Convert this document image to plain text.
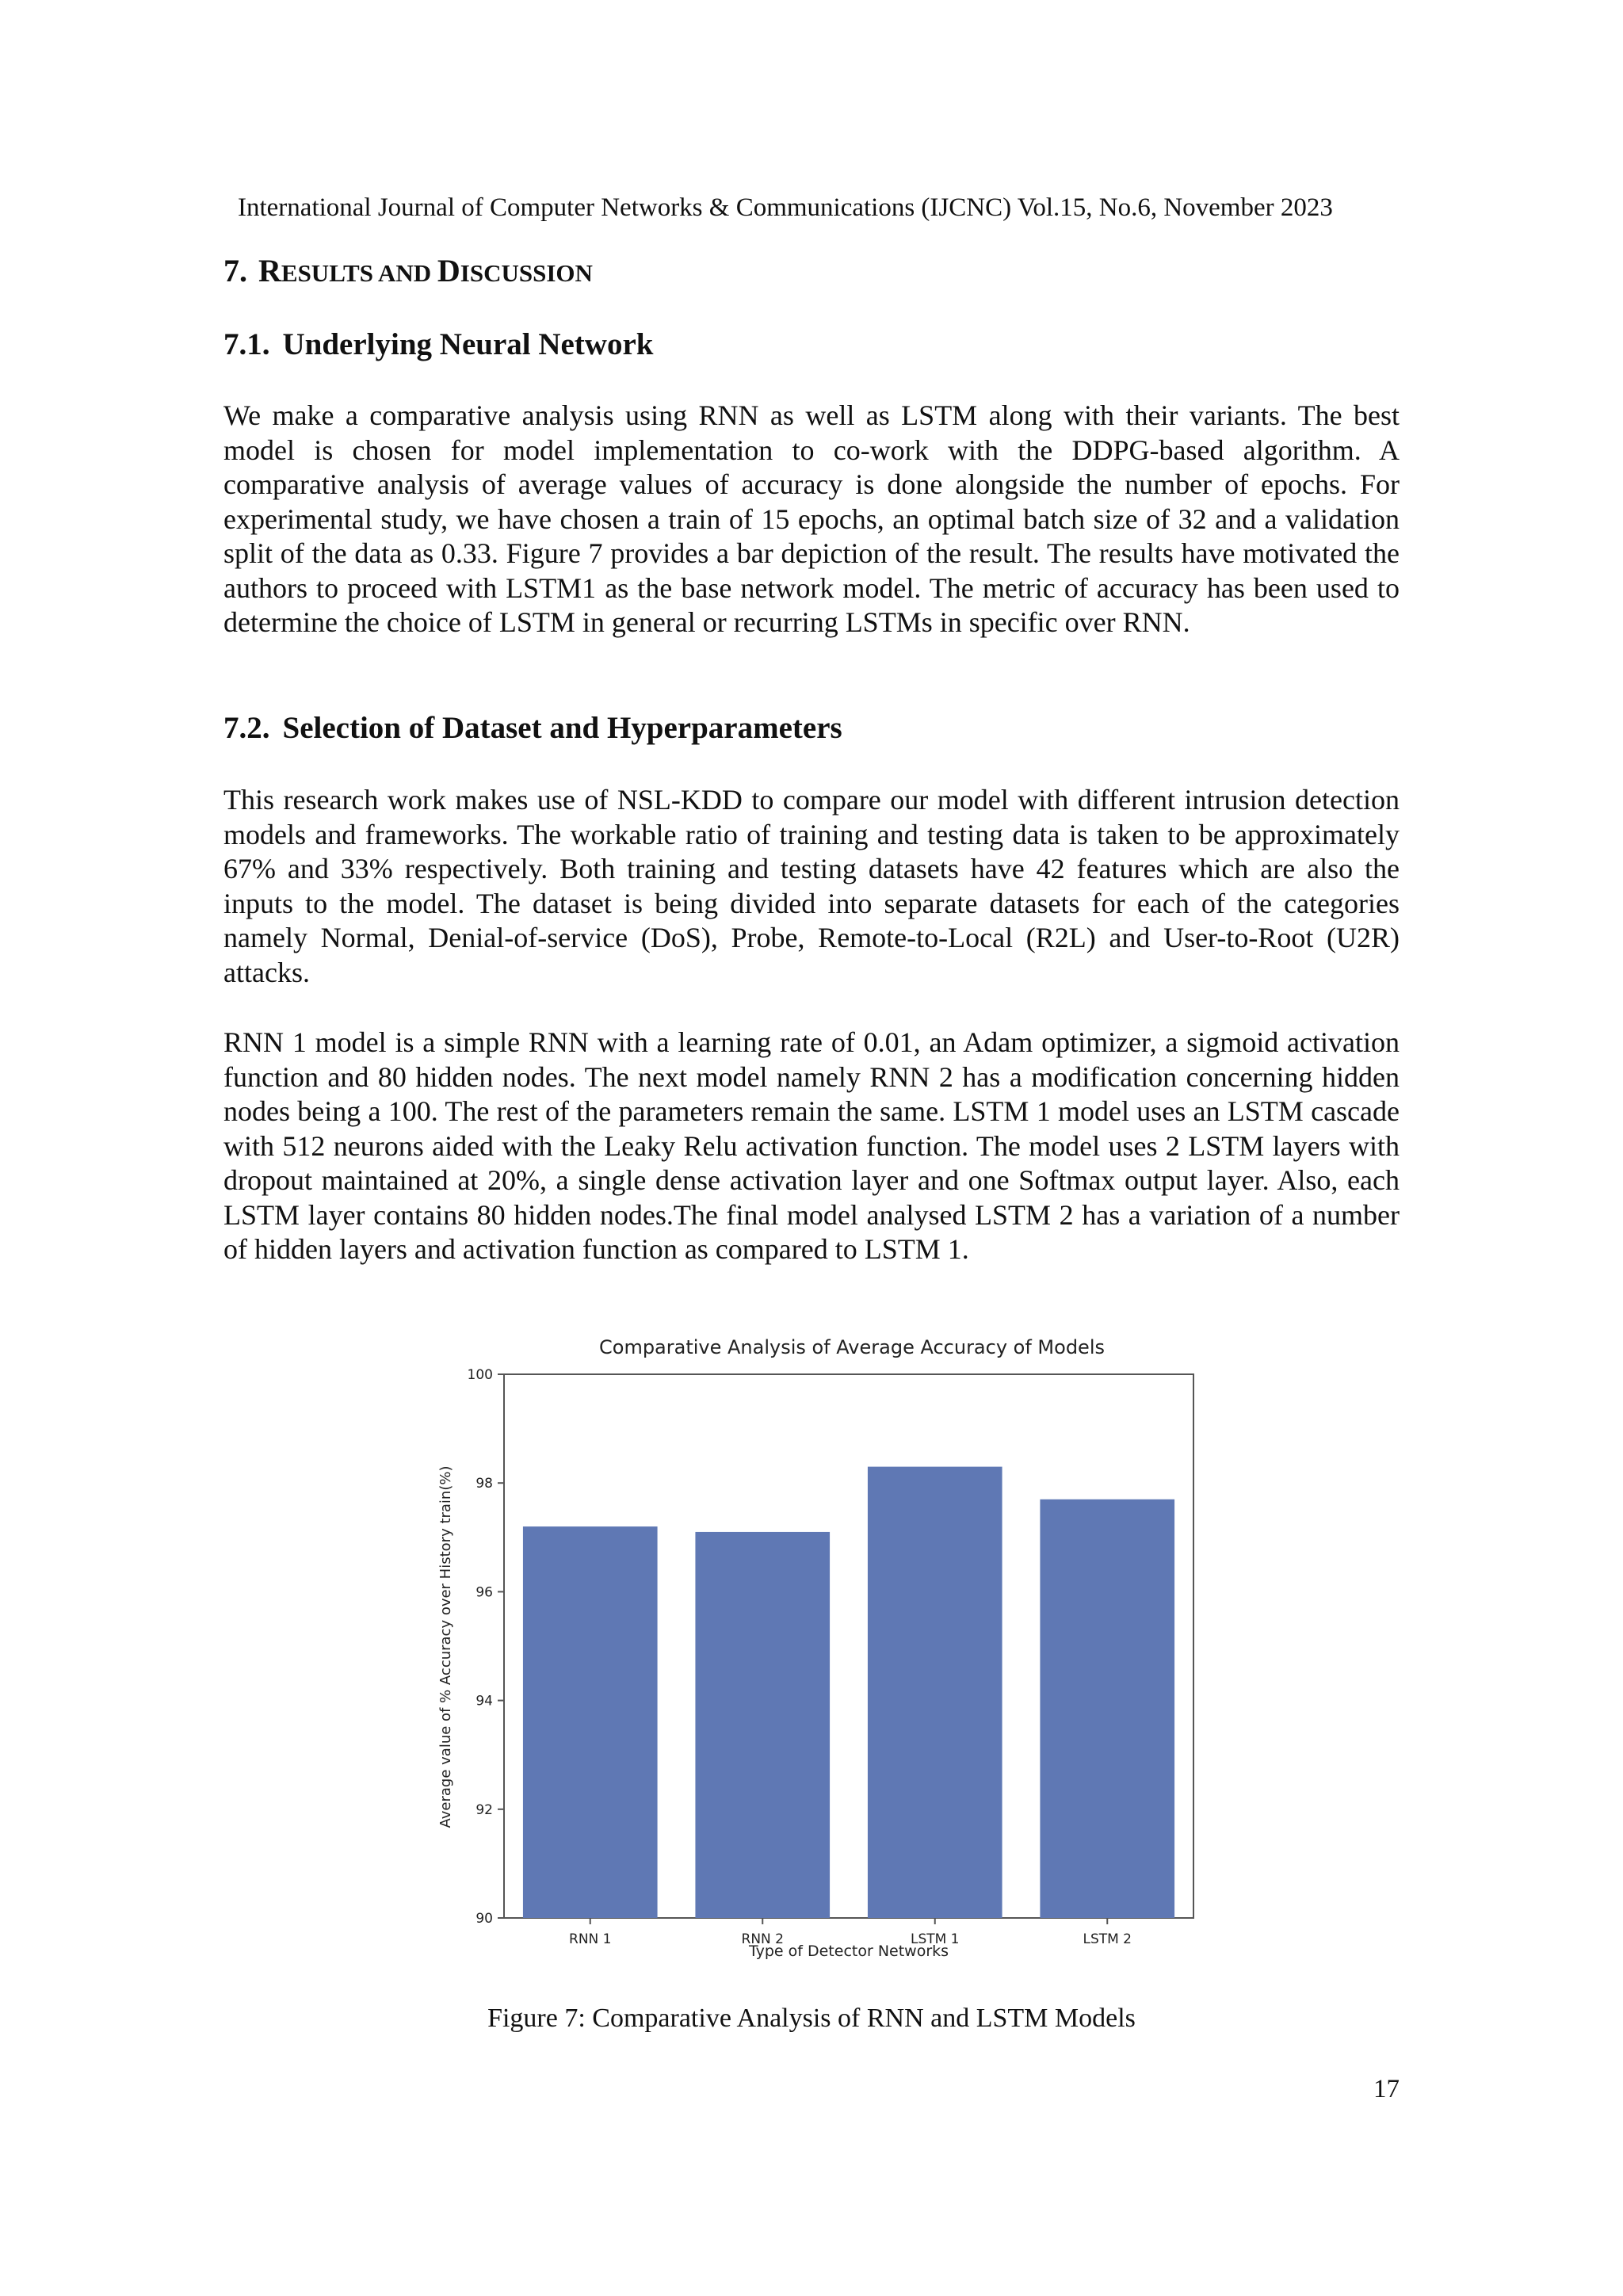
International Journal of Computer Networks & Communications (IJCNC) Vol.15, No.6, November 2023
7. RESULTS AND DISCUSSION
7.1. Underlying Neural Network

We make a comparative analysis using RNN as well as LSTM along with their variants. The best model is chosen for model implementation to co-work with the DDPG-based algorithm. A comparative analysis of average values of accuracy is done alongside the number of epochs. For experimental study, we have chosen a train of 15 epochs, an optimal batch size of 32 and a validation split of the data as 0.33. Figure 7 provides a bar depiction of the result. The results have motivated the authors to proceed with LSTM1 as the base network model. The metric of accuracy has been used to determine the choice of LSTM in general or recurring LSTMs in specific over RNN.

7.2. Selection of Dataset and Hyperparameters

This research work makes use of NSL-KDD to compare our model with different intrusion detection models and frameworks. The workable ratio of training and testing data is taken to be approximately 67% and 33% respectively. Both training and testing datasets have 42 features which are also the inputs to the model. The dataset is being divided into separate datasets for each of the categories namely Normal, Denial-of-service (DoS), Probe, Remote-to-Local (R2L) and User-to-Root (U2R) attacks.

RNN 1 model is a simple RNN with a learning rate of 0.01, an Adam optimizer, a sigmoid activation function and 80 hidden nodes. The next model namely RNN 2 has a modification concerning hidden nodes being a 100. The rest of the parameters remain the same. LSTM 1 model uses an LSTM cascade with 512 neurons aided with the Leaky Relu activation function. The model uses 2 LSTM layers with dropout maintained at 20%, a single dense activation layer and one Softmax output layer. Also, each LSTM layer contains 80 hidden nodes.The final model analysed LSTM 2 has a variation of a number of hidden layers and activation function as compared to LSTM 1.

Comparative Analysis of Average Accuracy of Models
90
92
94
96
98
100
RNN 1	RNN 2	LSTM 1	LSTM 2
Type of Detector Networks
Average value of % Accuracy over History train(%)
Figure 7: Comparative Analysis of RNN and LSTM Models
17
